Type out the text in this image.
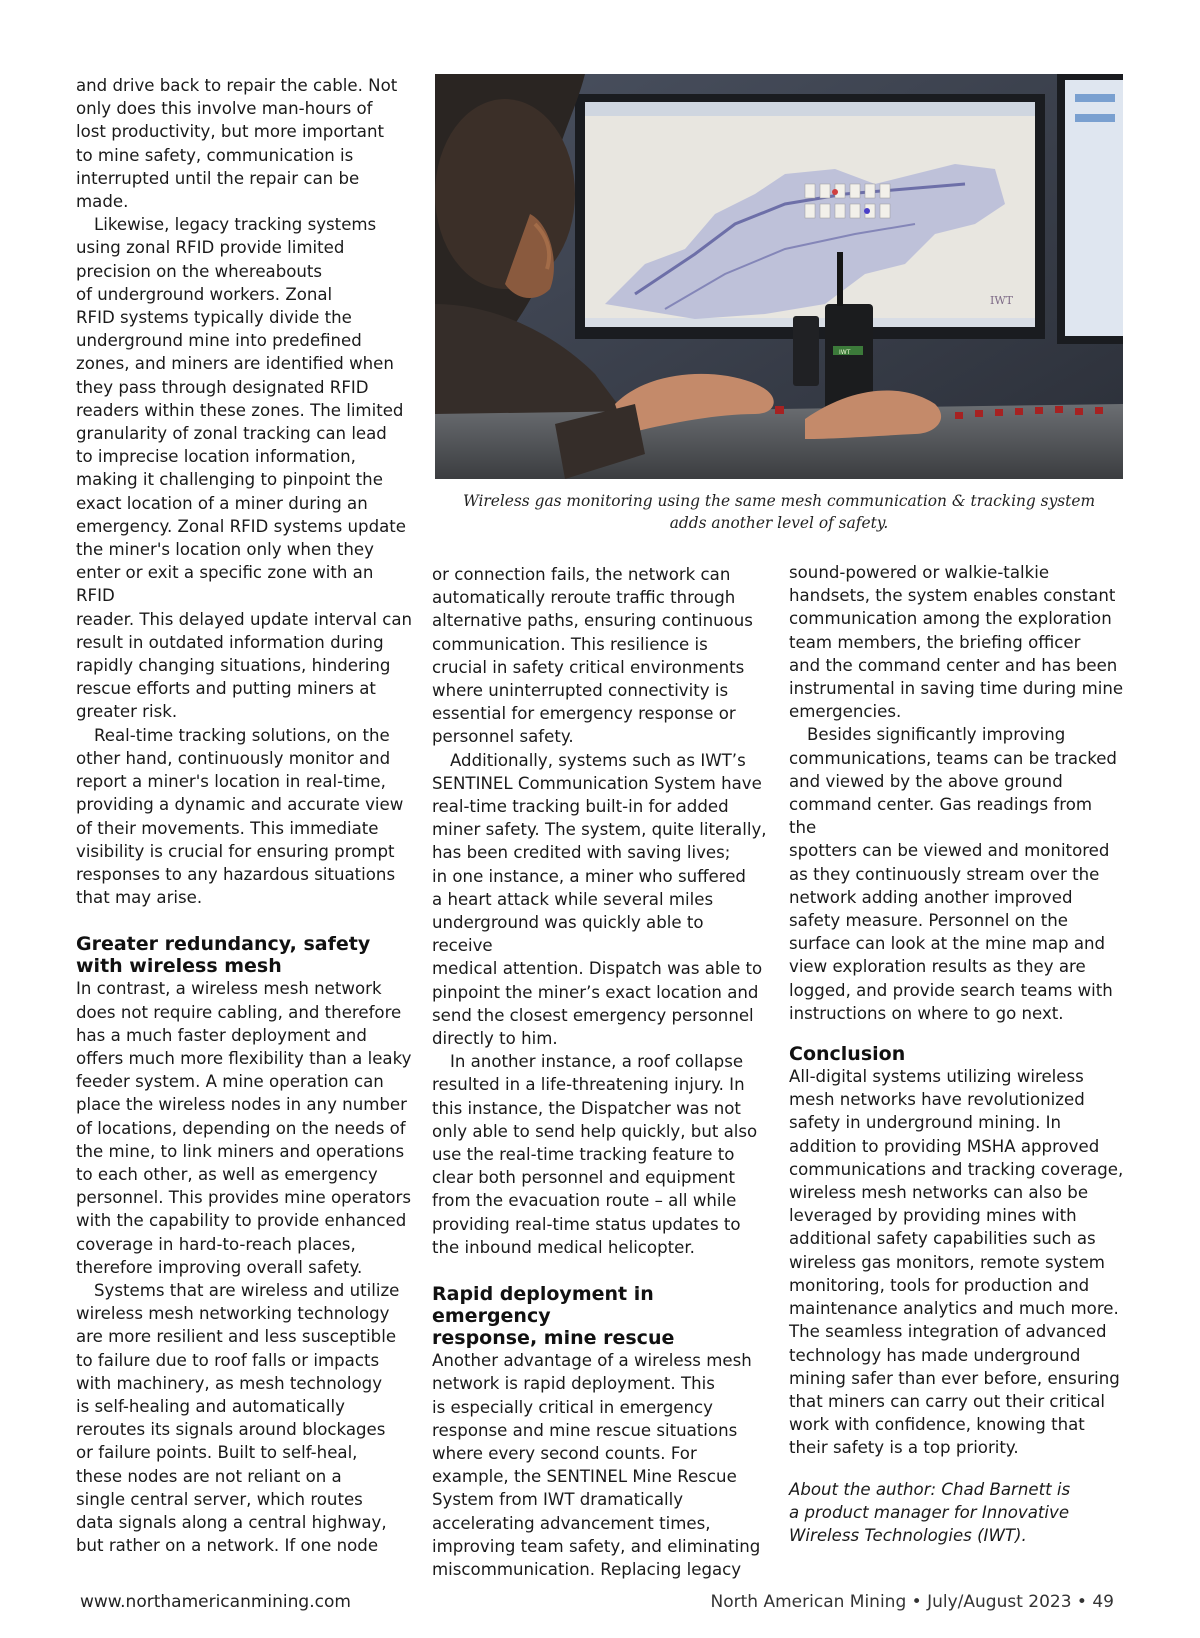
and drive back to repair the cable. Not
only does this involve man-hours of
lost productivity, but more important
to mine safety, communication is
interrupted until the repair can be
made.

Likewise, legacy tracking systems
using zonal RFID provide limited
precision on the whereabouts
of underground workers. Zonal
RFID systems typically divide the
underground mine into predefined
zones, and miners are identified when
they pass through designated RFID
readers within these zones. The limited
granularity of zonal tracking can lead
to imprecise location information,
making it challenging to pinpoint the
exact location of a miner during an
emergency. Zonal RFID systems update
the miner's location only when they
enter or exit a specific zone with an RFID
reader. This delayed update interval can
result in outdated information during
rapidly changing situations, hindering
rescue efforts and putting miners at
greater risk.

Real-time tracking solutions, on the
other hand, continuously monitor and
report a miner's location in real-time,
providing a dynamic and accurate view
of their movements. This immediate
visibility is crucial for ensuring prompt
responses to any hazardous situations
that may arise.

Greater redundancy, safety
with wireless mesh

In contrast, a wireless mesh network
does not require cabling, and therefore
has a much faster deployment and
offers much more flexibility than a leaky
feeder system. A mine operation can
place the wireless nodes in any number
of locations, depending on the needs of
the mine, to link miners and operations
to each other, as well as emergency
personnel. This provides mine operators
with the capability to provide enhanced
coverage in hard-to-reach places,
therefore improving overall safety.

Systems that are wireless and utilize
wireless mesh networking technology
are more resilient and less susceptible
to failure due to roof falls or impacts
with machinery, as mesh technology
is self-healing and automatically
reroutes its signals around blockages
or failure points. Built to self-heal,
these nodes are not reliant on a
single central server, which routes
data signals along a central highway,
but rather on a network. If one node

IWT
IWT
Wireless gas monitoring using the same mesh communication & tracking system
adds another level of safety.

or connection fails, the network can
automatically reroute traffic through
alternative paths, ensuring continuous
communication. This resilience is
crucial in safety critical environments
where uninterrupted connectivity is
essential for emergency response or
personnel safety.

Additionally, systems such as IWT’s
SENTINEL Communication System have
real-time tracking built-in for added
miner safety. The system, quite literally,
has been credited with saving lives;
in one instance, a miner who suffered
a heart attack while several miles
underground was quickly able to receive
medical attention. Dispatch was able to
pinpoint the miner’s exact location and
send the closest emergency personnel
directly to him.

In another instance, a roof collapse
resulted in a life-threatening injury. In
this instance, the Dispatcher was not
only able to send help quickly, but also
use the real-time tracking feature to
clear both personnel and equipment
from the evacuation route – all while
providing real-time status updates to
the inbound medical helicopter.

Rapid deployment in emergency
response, mine rescue

Another advantage of a wireless mesh
network is rapid deployment. This
is especially critical in emergency
response and mine rescue situations
where every second counts. For
example, the SENTINEL Mine Rescue
System from IWT dramatically
accelerating advancement times,
improving team safety, and eliminating
miscommunication. Replacing legacy

sound-powered or walkie-talkie
handsets, the system enables constant
communication among the exploration
team members, the briefing officer
and the command center and has been
instrumental in saving time during mine
emergencies.

Besides significantly improving
communications, teams can be tracked
and viewed by the above ground
command center. Gas readings from the
spotters can be viewed and monitored
as they continuously stream over the
network adding another improved
safety measure. Personnel on the
surface can look at the mine map and
view exploration results as they are
logged, and provide search teams with
instructions on where to go next.

Conclusion

All-digital systems utilizing wireless
mesh networks have revolutionized
safety in underground mining. In
addition to providing MSHA approved
communications and tracking coverage,
wireless mesh networks can also be
leveraged by providing mines with
additional safety capabilities such as
wireless gas monitors, remote system
monitoring, tools for production and
maintenance analytics and much more.
The seamless integration of advanced
technology has made underground
mining safer than ever before, ensuring
that miners can carry out their critical
work with confidence, knowing that
their safety is a top priority.

About the author: Chad Barnett is
a product manager for Innovative
Wireless Technologies (IWT).

www.northamericanmining.com	North American Mining • July/August 2023 • 49
